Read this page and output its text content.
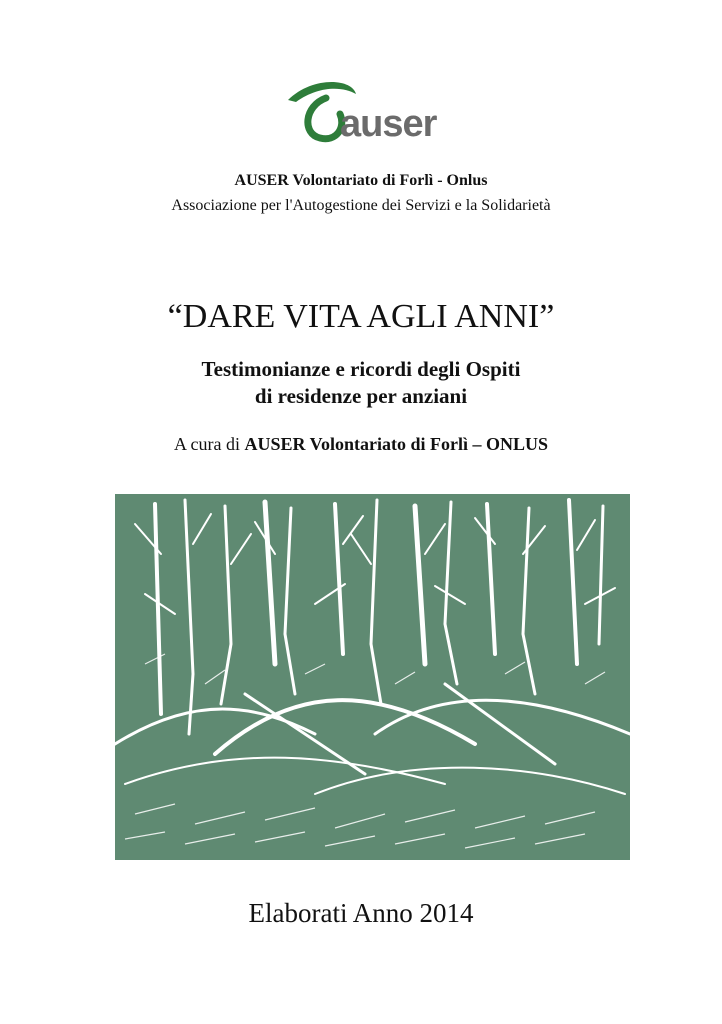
auser
AUSER Volontariato di Forlì - Onlus
Associazione per l'Autogestione dei Servizi e la Solidarietà
“DARE VITA AGLI ANNI”
Testimonianze e ricordi degli Ospiti
di residenze per anziani
A cura di AUSER Volontariato di Forlì – ONLUS
Elaborati Anno 2014
